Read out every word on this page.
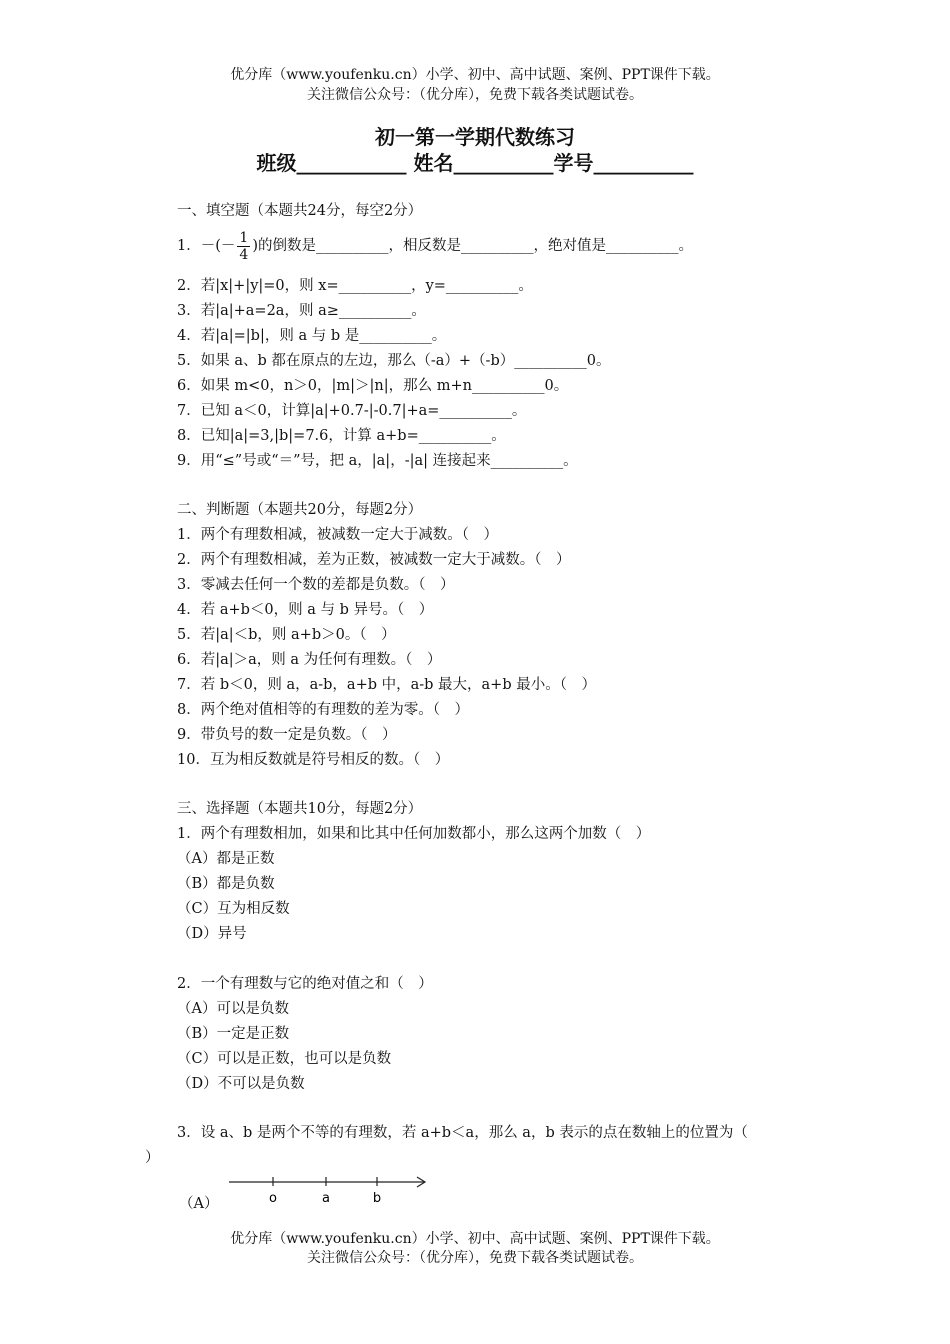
优分库（www.youfenku.cn）小学、初中、高中试题、案例、PPT课件下载。
关注微信公众号：（优分库），免费下载各类试题试卷。
初一第一学期代数练习
班级___________ 姓名__________学号__________
一、填空题（本题共24分，每空2分）
1．－(－ $\frac{1}{4}$ )的倒数是__________，相反数是__________，绝对值是__________。
2．若|x|+|y|=0，则 x=__________，y=__________。
3．若|a|+a=2a，则 a≥__________。
4．若|a|=|b|，则 a 与 b 是__________。
5．如果 a、b 都在原点的左边，那么（-a）+（-b）__________0。
6．如果 m<0，n＞0，|m|＞|n|，那么 m+n__________0。
7．已知 a＜0，计算|a|+0.7-|-0.7|+a=__________。
8．已知|a|=3,|b|=7.6，计算 a+b=__________。
9．用“≤”号或“＝”号，把 a，|a|，-|a| 连接起来__________。
二、判断题（本题共20分，每题2分）
1．两个有理数相减，被减数一定大于减数。（　）
2．两个有理数相减，差为正数，被减数一定大于减数。（　）
3．零减去任何一个数的差都是负数。（　）
4．若 a+b＜0，则 a 与 b 异号。（　）
5．若|a|＜b，则 a+b＞0。（　）
6．若|a|＞a，则 a 为任何有理数。（　）
7．若 b＜0，则 a，a-b，a+b 中，a-b 最大，a+b 最小。（　）
8．两个绝对值相等的有理数的差为零。（　）
9．带负号的数一定是负数。（　）
10．互为相反数就是符号相反的数。（　）
三、选择题（本题共10分，每题2分）
1．两个有理数相加，如果和比其中任何加数都小，那么这两个加数（　）
（A）都是正数
（B）都是负数
（C）互为相反数
（D）异号
2．一个有理数与它的绝对值之和（　）
（A）可以是负数
（B）一定是正数
（C）可以是正数，也可以是负数
（D）不可以是负数
3．设 a、b 是两个不等的有理数，若 a+b＜a，那么 a，b 表示的点在数轴上的位置为（
）
（A）	o	a	b
优分库（www.youfenku.cn）小学、初中、高中试题、案例、PPT课件下载。
关注微信公众号：（优分库），免费下载各类试题试卷。
